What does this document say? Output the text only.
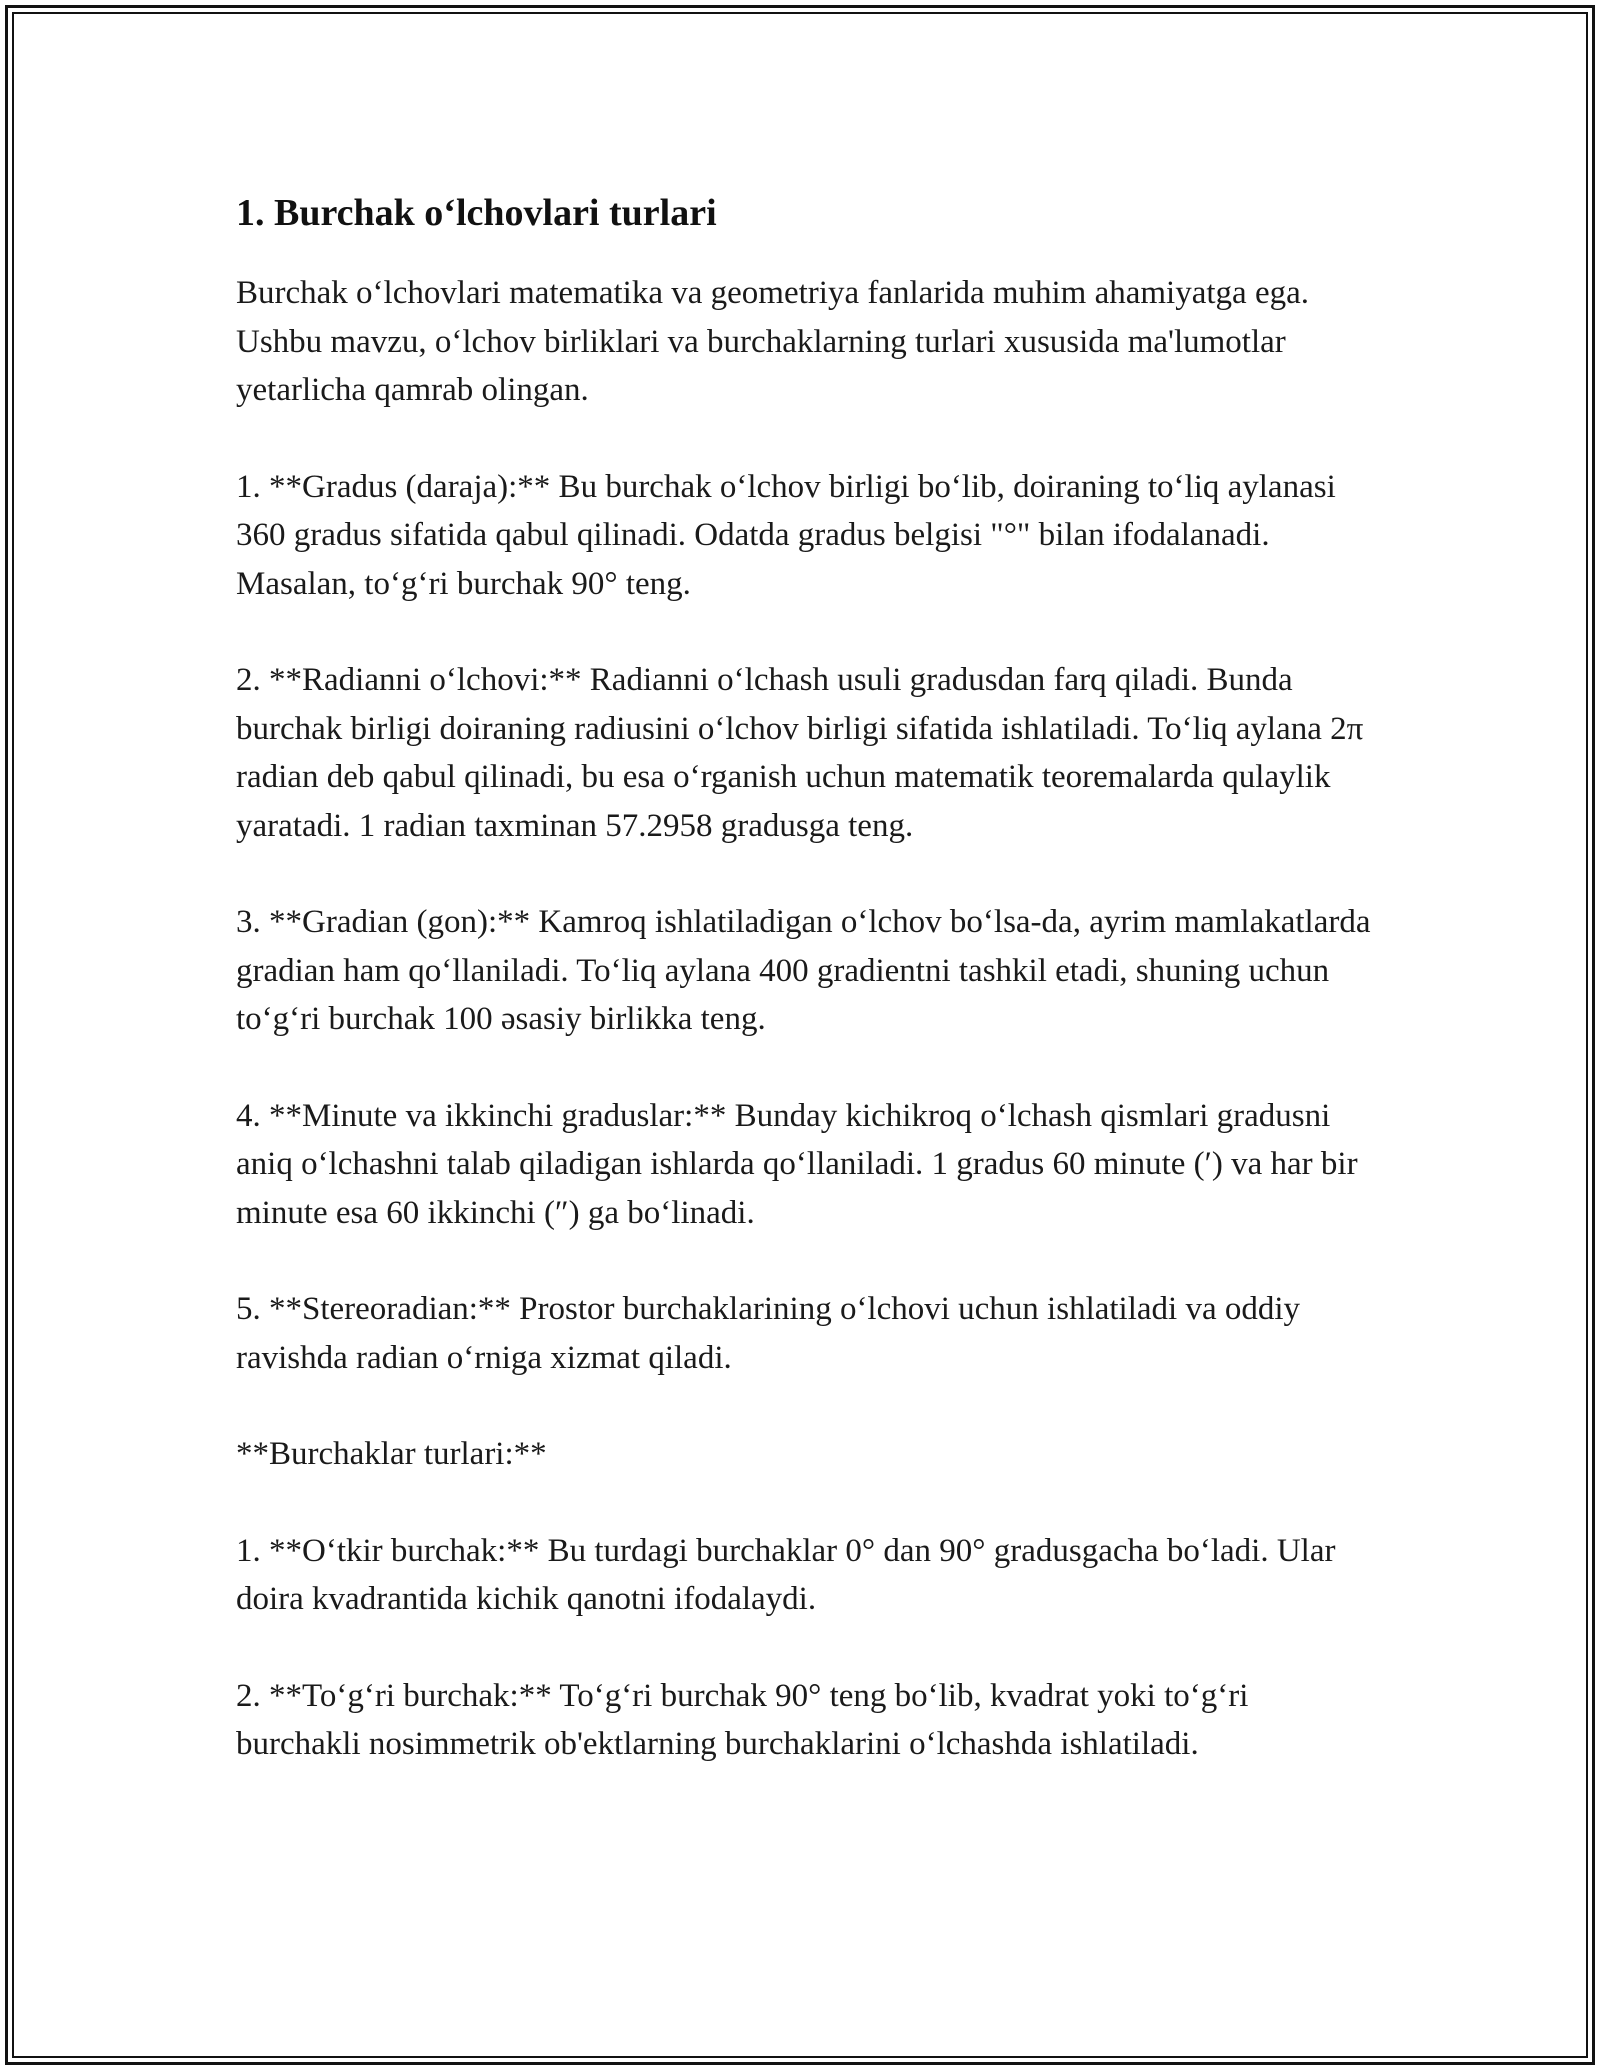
1. Burchak o‘lchovlari turlari

Burchak o‘lchovlari matematika va geometriya fanlarida muhim ahamiyatga ega. Ushbu mavzu, o‘lchov birliklari va burchaklarning turlari xususida ma'lumotlar yetarlicha qamrab olingan.

1. **Gradus (daraja):** Bu burchak o‘lchov birligi bo‘lib, doiraning to‘liq aylanasi 360 gradus sifatida qabul qilinadi. Odatda gradus belgisi "°" bilan ifodalanadi. Masalan, to‘g‘ri burchak 90° teng.

2. **Radianni o‘lchovi:** Radianni o‘lchash usuli gradusdan farq qiladi. Bunda burchak birligi doiraning radiusini o‘lchov birligi sifatida ishlatiladi. To‘liq aylana 2π radian deb qabul qilinadi, bu esa o‘rganish uchun matematik teoremalarda qulaylik yaratadi. 1 radian taxminan 57.2958 gradusga teng.

3. **Gradian (gon):** Kamroq ishlatiladigan o‘lchov bo‘lsa-da, ayrim mamlakatlarda gradian ham qo‘llaniladi. To‘liq aylana 400 gradientni tashkil etadi, shuning uchun to‘g‘ri burchak 100 əsasiy birlikka teng.

4. **Minute va ikkinchi graduslar:** Bunday kichikroq o‘lchash qismlari gradusni aniq o‘lchashni talab qiladigan ishlarda qo‘llaniladi. 1 gradus 60 minute (′) va har bir minute esa 60 ikkinchi (″) ga bo‘linadi.

5. **Stereoradian:** Prostor burchaklarining o‘lchovi uchun ishlatiladi va oddiy ravishda radian o‘rniga xizmat qiladi.

**Burchaklar turlari:**

1. **O‘tkir burchak:** Bu turdagi burchaklar 0° dan 90° gradusgacha bo‘ladi. Ular doira kvadrantida kichik qanotni ifodalaydi.

2. **To‘g‘ri burchak:** To‘g‘ri burchak 90° teng bo‘lib, kvadrat yoki to‘g‘ri burchakli nosimmetrik ob'ektlarning burchaklarini o‘lchashda ishlatiladi.
